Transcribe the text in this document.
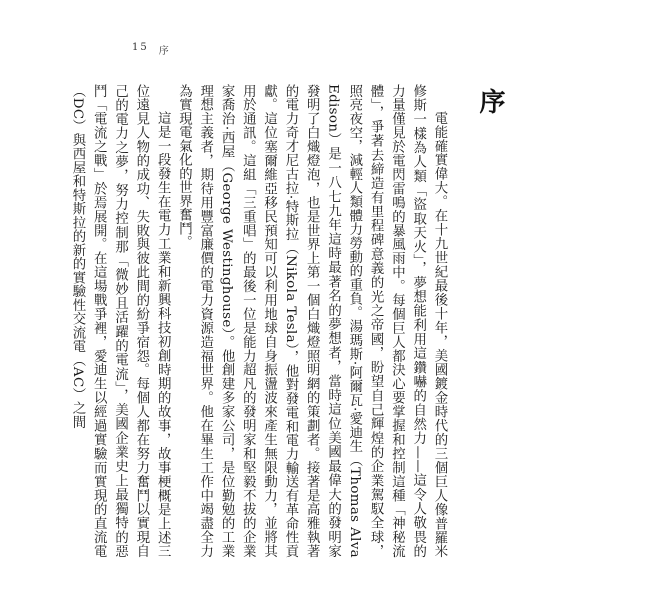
15 序
序

電能確實偉大。在十九世紀最後十年，美國鍍金時代的三個巨人像普羅米修斯一樣為人類「盜取天火」，夢想能利用這鑽嚇的自然力——這令人敬畏的力量僅見於電閃雷鳴的暴風雨中。每個巨人都決心要掌握和控制這種「神秘流體」，爭著去締造有里程碑意義的光之帝國，盼望自己輝煌的企業駕馭全球，照亮夜空，減輕人類體力勞動的重負。湯瑪斯·阿爾瓦·愛迪生（Thomas Alva Edison）是一八七九年這時最著名的夢想者，當時這位美國最偉大的發明家發明了白熾燈泡，也是世界上第一個白熾燈照明網的策劃者。接著是高雅執著的電力奇才尼古拉·特斯拉（Nikola Tesla），他對發電和電力輸送有革命性貢獻。這位塞爾維亞移民預知可以利用地球自身振盪波來產生無限動力，並將其用於通訊。這組「三重唱」的最後一位是能力超凡的發明家和堅毅不拔的企業家喬治·西屋（George Westinghouse）。他創建多家公司，是位勤勉的工業理想主義者，期待用豐富廉價的電力資源造福世界。他在畢生工作中竭盡全力為實現電氣化的世界奮鬥。

這是一段發生在電力工業和新興科技初創時期的故事，故事梗概是上述三位遠見人物的成功、失敗與彼此間的紛爭宿怨。每個人都在努力奮鬥以實現自己的電力之夢，努力控制那「微妙且活躍的電流」，美國企業史上最獨特的惡鬥「電流之戰」於焉展開。在這場戰爭裡，愛迪生以經過實驗而實現的直流電（DC）與西屋和特斯拉的新的實驗性交流電（AC）之間
